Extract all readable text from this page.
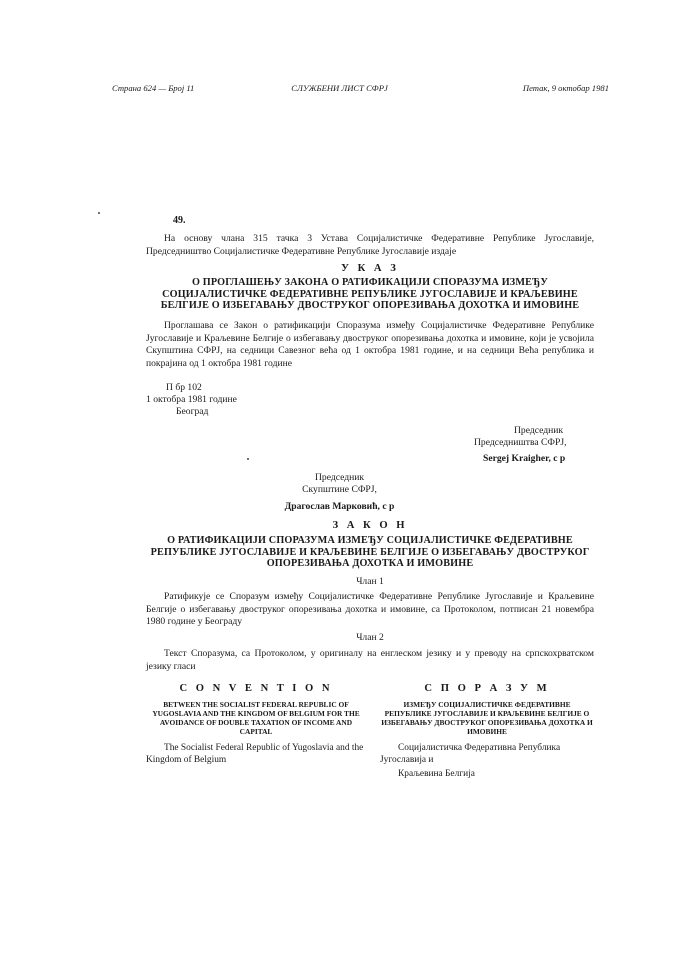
Страна 624 — Број 11	СЛУЖБЕНИ ЛИСТ СФРЈ	Петак, 9 октобар 1981
49.
На основу члана 315 тачка 3 Устава Социјалистичке Федеративне Републике Југославије, Председништво Социјалистичке Федеративне Републике Југославије издаје
У К А З
О ПРОГЛАШЕЊУ ЗАКОНА О РАТИФИКАЦИЈИ СПОРАЗУМА ИЗМЕЂУ СОЦИЈАЛИСТИЧКЕ ФЕДЕРАТИВНЕ РЕПУБЛИКЕ ЈУГОСЛАВИЈЕ И КРАЉЕВИНЕ БЕЛГИЈЕ О ИЗБЕГАВАЊУ ДВОСТРУКОГ ОПОРЕЗИВАЊА ДОХОТКА И ИМОВИНЕ
Проглашава се Закон о ратификацији Споразума између Социјалистичке Федеративне Републике Југославије и Краљевине Белгије о избегавању двоструког опорезивања дохотка и имовине, који је усвојила Скупштина СФРЈ, на седници Савезног већа од 1 октобра 1981 године, и на седници Већа република и покрајина од 1 октобра 1981 године
П бр 102
1 октобра 1981 године
Београд
Председник
Председништва СФРЈ,
Sergej Kraigher, с р
Председник
Скупштине СФРЈ,
Драгослав Марковић, с р
З А К О Н
О РАТИФИКАЦИЈИ СПОРАЗУМА ИЗМЕЂУ СОЦИЈАЛИСТИЧКЕ ФЕДЕРАТИВНЕ РЕПУБЛИКЕ ЈУГОСЛАВИЈЕ И КРАЉЕВИНЕ БЕЛГИЈЕ О ИЗБЕГАВАЊУ ДВОСТРУКОГ ОПОРЕЗИВАЊА ДОХОТКА И ИМОВИНЕ
Члан 1
Ратификује се Споразум између Социјалистичке Федеративне Републике Југославије и Краљевине Белгије о избегавању двоструког опорезивања дохотка и имовине, са Протоколом, потписан 21 новембра 1980 године у Београду
Члан 2
Текст Споразума, са Протоколом, у оригиналу на енглеском језику и у преводу на српскохрватском језику гласи
C O N V E N T I O N	С П О Р А З У М
BETWEEN THE SOCIALIST FEDERAL REPUBLIC OF YUGOSLAVIA AND THE KINGDOM OF BELGIUM FOR THE AVOIDANCE OF DOUBLE TAXATION OF INCOME AND CAPITAL
ИЗМЕЂУ СОЦИЈАЛИСТИЧКЕ ФЕДЕРАТИВНЕ РЕПУБЛИКЕ ЈУГОСЛАВИЈЕ И КРАЉЕВИНЕ БЕЛГИЈЕ О ИЗБЕГАВАЊУ ДВОСТРУКОГ ОПОРЕЗИВАЊА ДОХОТКА И ИМОВИНЕ
The Socialist Federal Republic of Yugoslavia and the Kingdom of Belgium
Социјалистичка Федеративна Република Југославија и
Краљевина Белгија
